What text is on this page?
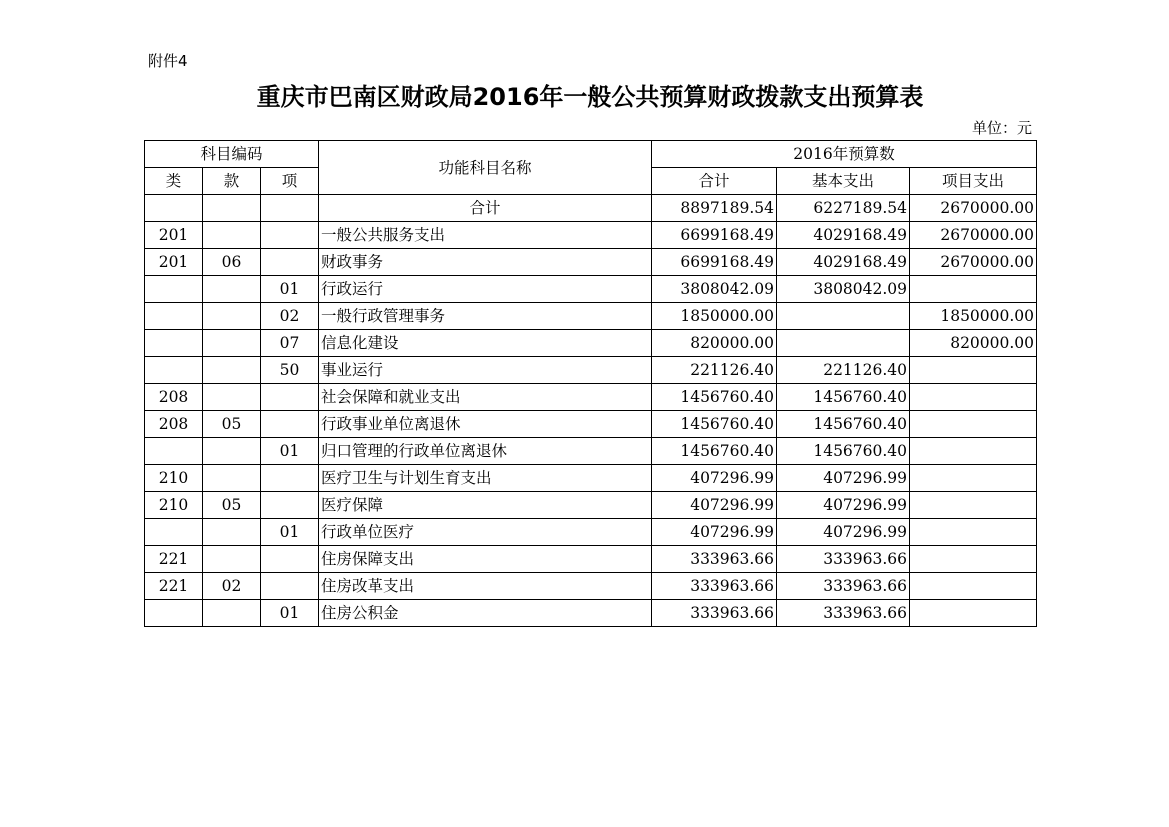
附件4
重庆市巴南区财政局2016年一般公共预算财政拨款支出预算表
单位：元
科目编码			功能科目名称	2016年预算数		
类	款	项		合计	基本支出	项目支出
			合计	8897189.54	6227189.54	2670000.00
201			一般公共服务支出	6699168.49	4029168.49	2670000.00
201	06		财政事务	6699168.49	4029168.49	2670000.00
		01	行政运行	3808042.09	3808042.09	
		02	一般行政管理事务	1850000.00		1850000.00
		07	信息化建设	820000.00		820000.00
		50	事业运行	221126.40	221126.40	
208			社会保障和就业支出	1456760.40	1456760.40	
208	05		行政事业单位离退休	1456760.40	1456760.40	
		01	归口管理的行政单位离退休	1456760.40	1456760.40	
210			医疗卫生与计划生育支出	407296.99	407296.99	
210	05		医疗保障	407296.99	407296.99	
		01	行政单位医疗	407296.99	407296.99	
221			住房保障支出	333963.66	333963.66	
221	02		住房改革支出	333963.66	333963.66	
		01	住房公积金	333963.66	333963.66	
